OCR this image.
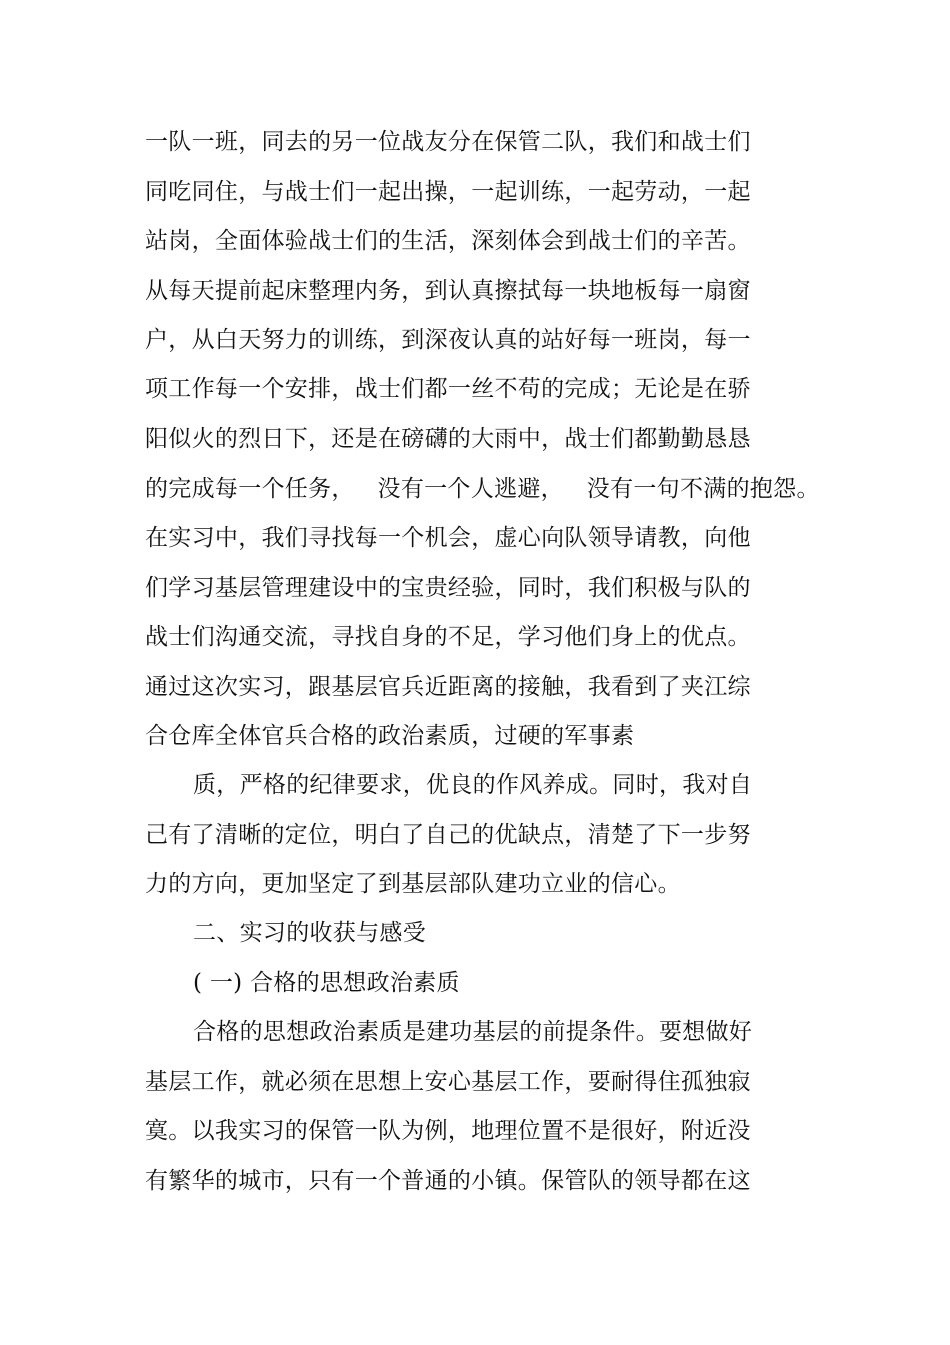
一队一班，同去的另一位战友分在保管二队，我们和战士们
同吃同住，与战士们一起出操，一起训练，一起劳动，一起
站岗，全面体验战士们的生活，深刻体会到战士们的辛苦。
从每天提前起床整理内务，到认真擦拭每一块地板每一扇窗
户，从白天努力的训练，到深夜认真的站好每一班岗，每一
项工作每一个安排，战士们都一丝不苟的完成；无论是在骄
阳似火的烈日下，还是在磅礴的大雨中，战士们都勤勤恳恳
的完成每一个任务，   没有一个人逃避，   没有一句不满的抱怨。
在实习中，我们寻找每一个机会，虚心向队领导请教，向他
们学习基层管理建设中的宝贵经验，同时，我们积极与队的
战士们沟通交流，寻找自身的不足，学习他们身上的优点。
通过这次实习，跟基层官兵近距离的接触，我看到了夹江综
合仓库全体官兵合格的政治素质，过硬的军事素
质，严格的纪律要求，优良的作风养成。同时，我对自
己有了清晰的定位，明白了自己的优缺点，清楚了下一步努
力的方向，更加坚定了到基层部队建功立业的信心。
二、实习的收获与感受
( 一) 合格的思想政治素质
合格的思想政治素质是建功基层的前提条件。要想做好
基层工作，就必须在思想上安心基层工作，要耐得住孤独寂
寞。以我实习的保管一队为例，地理位置不是很好，附近没
有繁华的城市，只有一个普通的小镇。保管队的领导都在这
